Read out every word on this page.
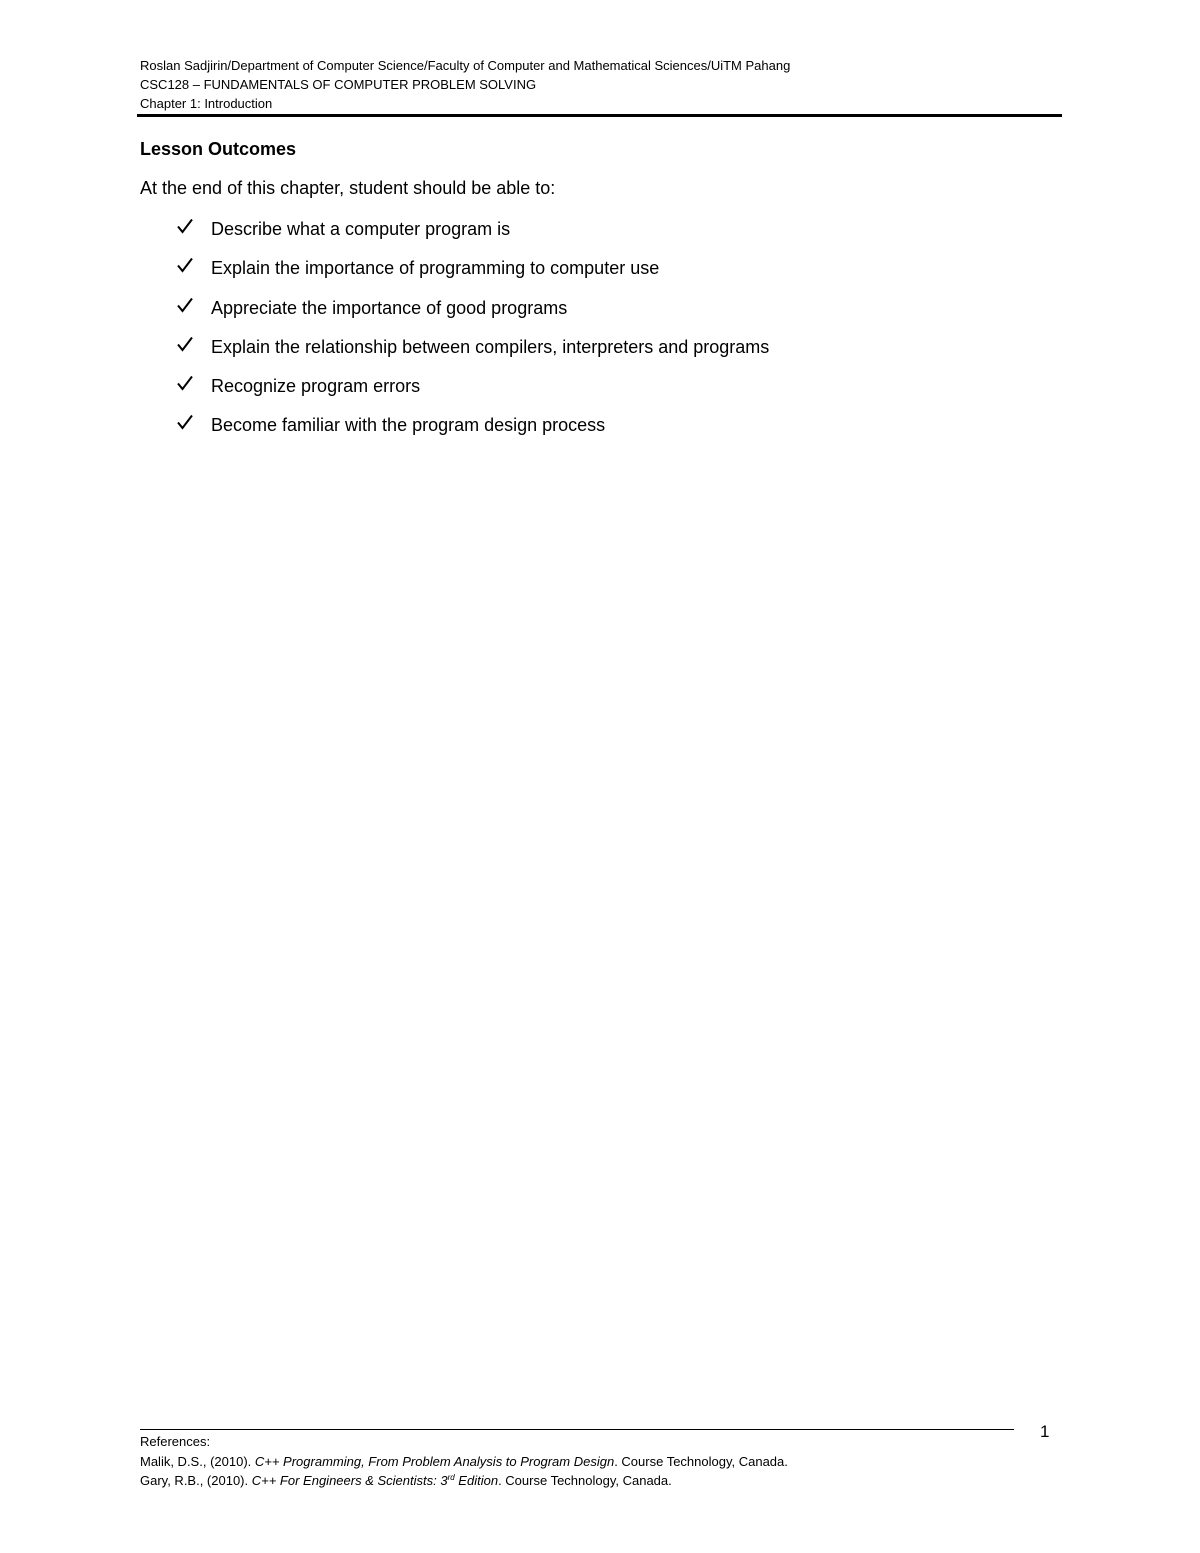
Roslan Sadjirin/Department of Computer Science/Faculty of Computer and Mathematical Sciences/UiTM Pahang
CSC128 – FUNDAMENTALS OF COMPUTER PROBLEM SOLVING
Chapter 1: Introduction
Lesson Outcomes
At the end of this chapter, student should be able to:
Describe what a computer program is
Explain the importance of programming to computer use
Appreciate the importance of good programs
Explain the relationship between compilers, interpreters and programs
Recognize program errors
Become familiar with the program design process
1
References:
Malik, D.S., (2010). C++ Programming, From Problem Analysis to Program Design. Course Technology, Canada.
Gary, R.B., (2010). C++ For Engineers & Scientists: 3rd Edition. Course Technology, Canada.
